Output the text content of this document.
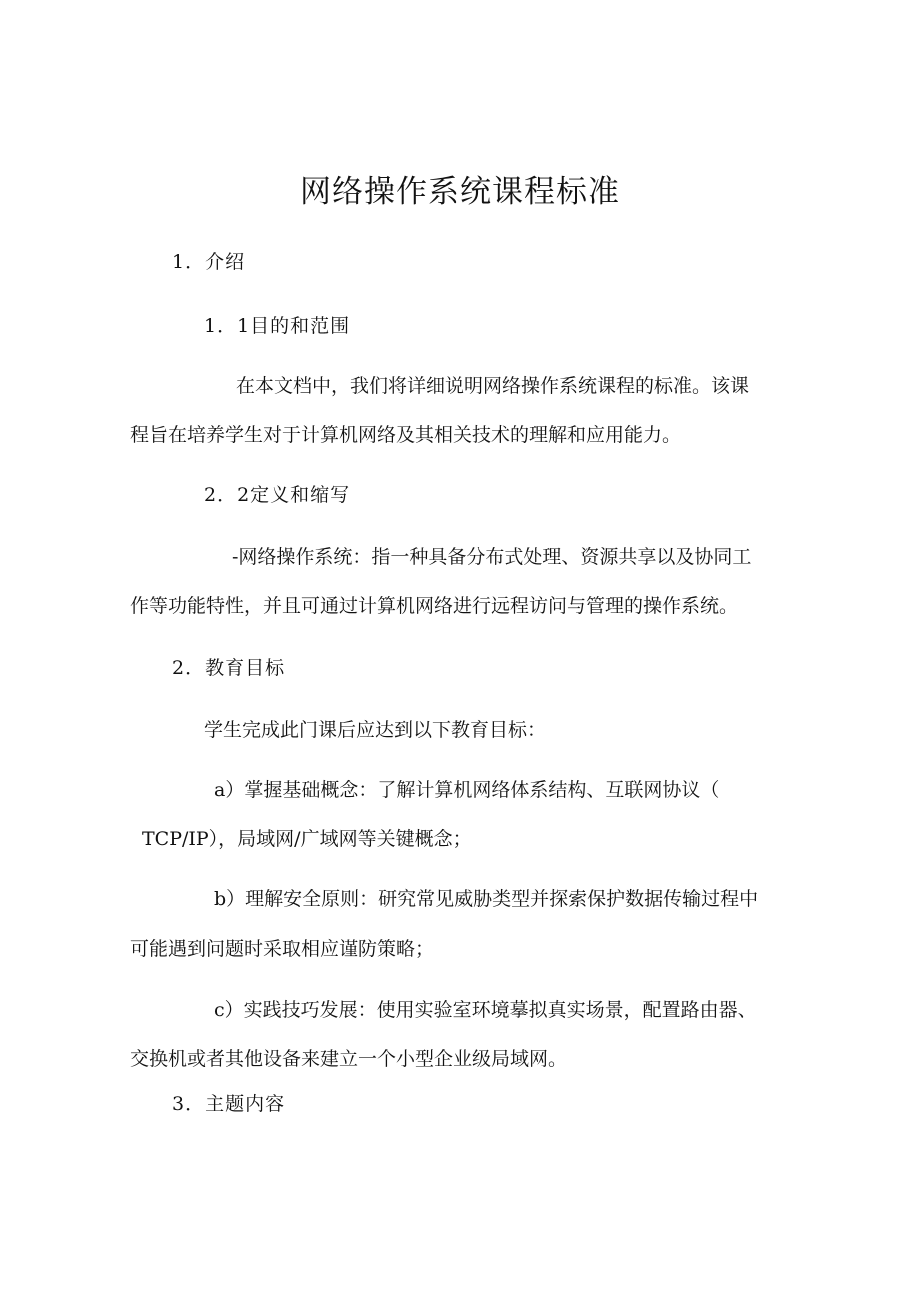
网络操作系统课程标准
1．介绍
1．1目的和范围
在本文档中，我们将详细说明网络操作系统课程的标准。该课
程旨在培养学生对于计算机网络及其相关技术的理解和应用能力。
2．2定义和缩写
-网络操作系统：指一种具备分布式处理、资源共享以及协同工
作等功能特性，并且可通过计算机网络进行远程访问与管理的操作系统。
2．教育目标
学生完成此门课后应达到以下教育目标：
a）掌握基础概念：了解计算机网络体系结构、互联网协议（
TCP/IP），局域网/广域网等关键概念；
b）理解安全原则：研究常见威胁类型并探索保护数据传输过程中
可能遇到问题时采取相应谨防策略；
c）实践技巧发展：使用实验室环境摹拟真实场景，配置路由器、
交换机或者其他设备来建立一个小型企业级局域网。
3．主题内容
